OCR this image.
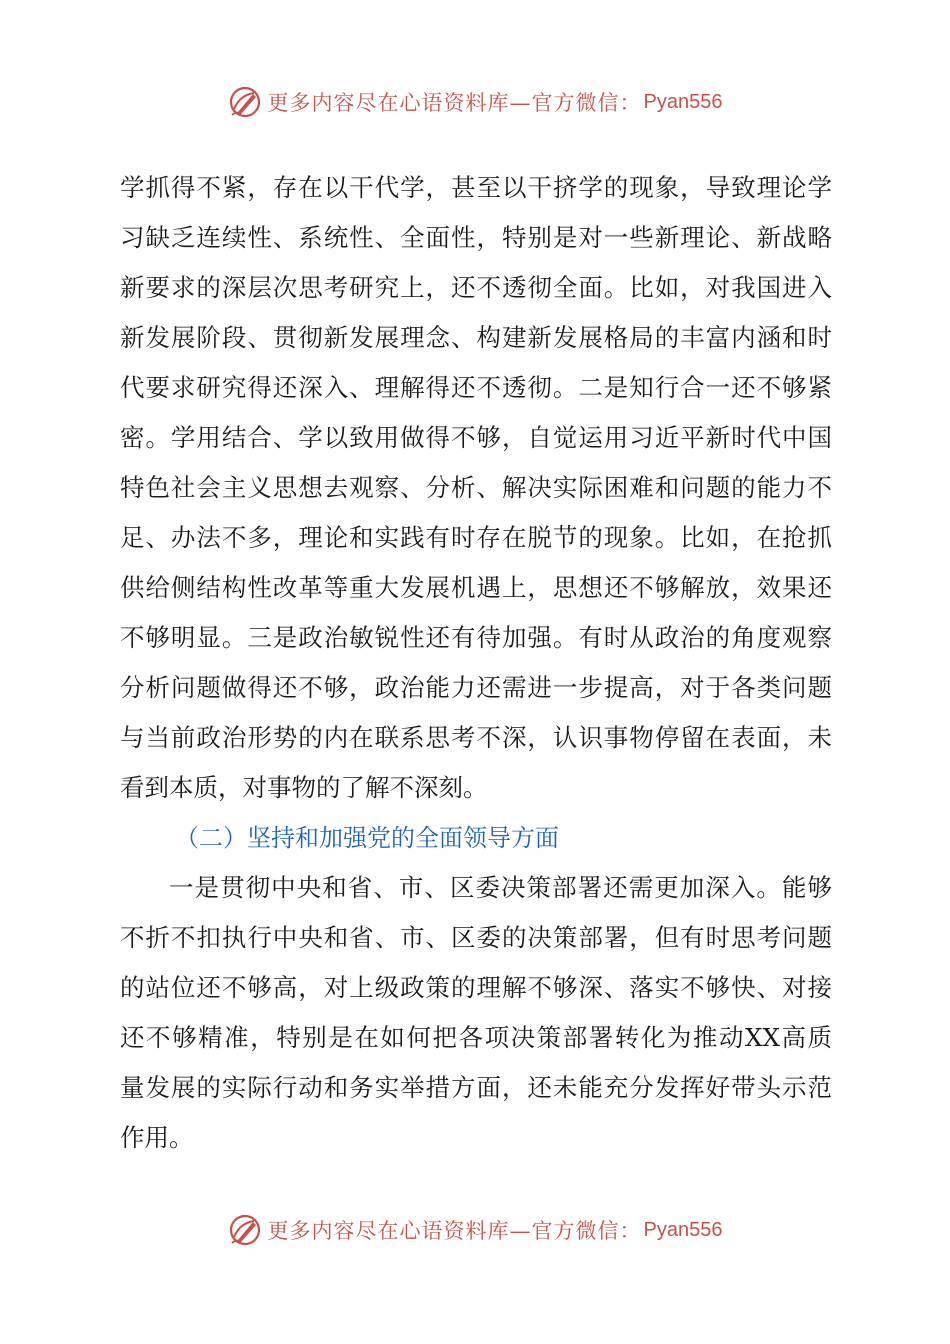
更多内容尽在心语资料库—官方微信： Pyan556
学抓得不紧，存在以干代学，甚至以干挤学的现象，导致理论学
习缺乏连续性、系统性、全面性，特别是对一些新理论、新战略
新要求的深层次思考研究上，还不透彻全面。比如，对我国进入
新发展阶段、贯彻新发展理念、构建新发展格局的丰富内涵和时
代要求研究得还深入、理解得还不透彻。二是知行合一还不够紧
密。学用结合、学以致用做得不够，自觉运用习近平新时代中国
特色社会主义思想去观察、分析、解决实际困难和问题的能力不
足、办法不多，理论和实践有时存在脱节的现象。比如，在抢抓
供给侧结构性改革等重大发展机遇上，思想还不够解放，效果还
不够明显。三是政治敏锐性还有待加强。有时从政治的角度观察
分析问题做得还不够，政治能力还需进一步提高，对于各类问题
与当前政治形势的内在联系思考不深，认识事物停留在表面，未
看到本质，对事物的了解不深刻。
（二）坚持和加强党的全面领导方面
一是贯彻中央和省、市、区委决策部署还需更加深入。能够
不折不扣执行中央和省、市、区委的决策部署，但有时思考问题
的站位还不够高，对上级政策的理解不够深、落实不够快、对接
还不够精准，特别是在如何把各项决策部署转化为推动XX高质
量发展的实际行动和务实举措方面，还未能充分发挥好带头示范
作用。
更多内容尽在心语资料库—官方微信： Pyan556
